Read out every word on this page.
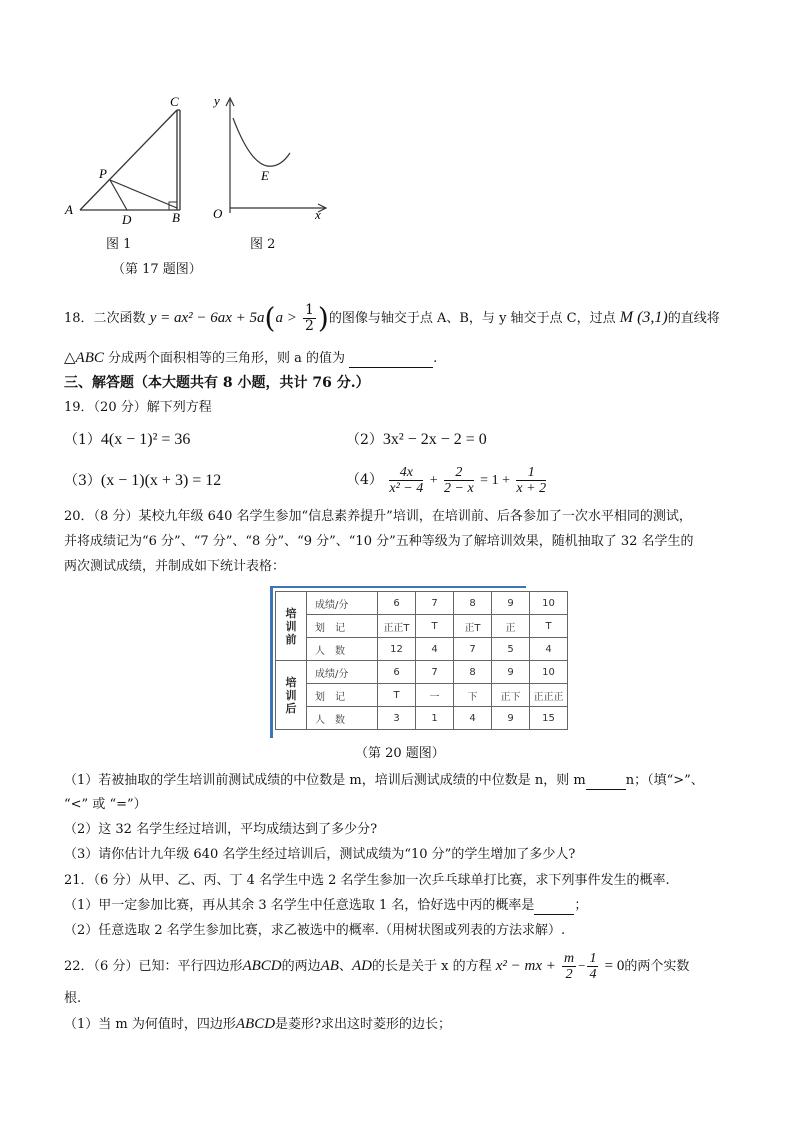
C
P
A
D	B
图 1
y
E
O	x
图 2
（第 17 题图）
18．二次函数 $y = ax^2 - 6ax + 5a(a > \frac{1}{2}$ )的图像与轴交于点 A、B，与 y 轴交于点 C，过点 M (3,1)的直线将
△ABC 分成两个面积相等的三角形，则 a 的值为	.
三、解答题（本大题共有 8 小题，共计 76 分.）
19．（20 分）解下列方程
（1）4(x − 1)² = 36	（2）3x² − 2x − 2 = 0
（3）(x − 1)(x + 3) = 12	$(4) \frac{4x}{\text{x² − 4}} + \frac{2}{2 - x} = 1 + \frac{1}{x + 2}$
20．（8 分）某校九年级 640 名学生参加“信息素养提升”培训，在培训前、后各参加了一次水平相同的测试，
并将成绩记为“6 分”、“7 分”、“8 分”、“9 分”、“10 分”五种等级为了解培训效果，随机抽取了 32 名学生的
两次测试成绩，并制成如下统计表格：
培
训
前	成绩/分	6	7	8	9	10
	划　记	正正T	T	正T	正	T
	人　数	12	4	7	5	4
培
训
后	成绩/分	6	7	8	9	10
	划　记	T	一	下	正下	正正正
	人　数	3	1	4	9	15
（第 20 题图）
（1）若被抽取的学生培训前测试成绩的中位数是 m，培训后测试成绩的中位数是 n，则 m	n；（填“>”、
“<” 或 “=”）
（2）这 32 名学生经过培训，平均成绩达到了多少分?
（3）请你估计九年级 640 名学生经过培训后，测试成绩为“10 分”的学生增加了多少人?
21．（6 分）从甲、乙、丙、丁 4 名学生中选 2 名学生参加一次乒乓球单打比赛，求下列事件发生的概率.
（1）甲一定参加比赛，再从其余 3 名学生中任意选取 1 名，恰好选中丙的概率是	；
（2）任意选取 2 名学生参加比赛，求乙被选中的概率.（用树状图或列表的方法求解）.
22．（6 分）已知：平行四边形ABCD的两边AB、AD的长是关于 x 的方程 x² − mx + $\frac{m}{2} - \frac{1}{4} = 0$的两个实数
根.
（1）当 m 为何值时，四边形ABCD是菱形?求出这时菱形的边长；
